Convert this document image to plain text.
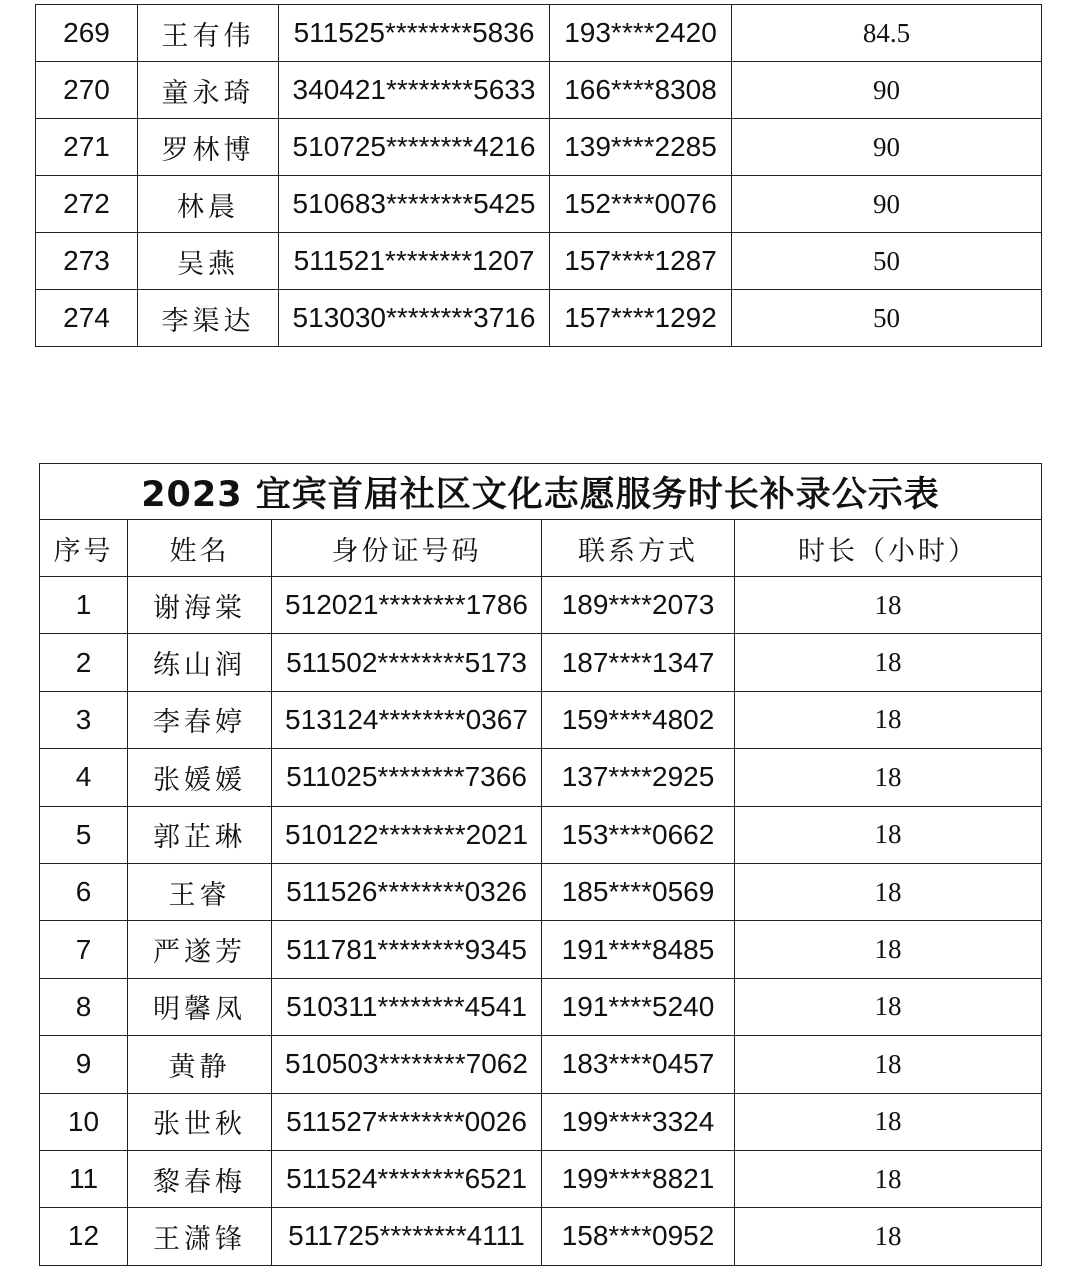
269	王有伟	511525********5836	193****2420	84.5
270	童永琦	340421********5633	166****8308	90
271	罗林博	510725********4216	139****2285	90
272	林晨	510683********5425	152****0076	90
273	吴燕	511521********1207	157****1287	50
274	李渠达	513030********3716	157****1292	50
2023 宜宾首届社区文化志愿服务时长补录公示表				
序号	姓名	身份证号码	联系方式	时长（小时）
1	谢海棠	512021********1786	189****2073	18
2	练山润	511502********5173	187****1347	18
3	李春婷	513124********0367	159****4802	18
4	张媛媛	511025********7366	137****2925	18
5	郭芷琳	510122********2021	153****0662	18
6	王睿	511526********0326	185****0569	18
7	严遂芳	511781********9345	191****8485	18
8	明馨凤	510311********4541	191****5240	18
9	黄静	510503********7062	183****0457	18
10	张世秋	511527********0026	199****3324	18
11	黎春梅	511524********6521	199****8821	18
12	王潇锋	511725********4111	158****0952	18
